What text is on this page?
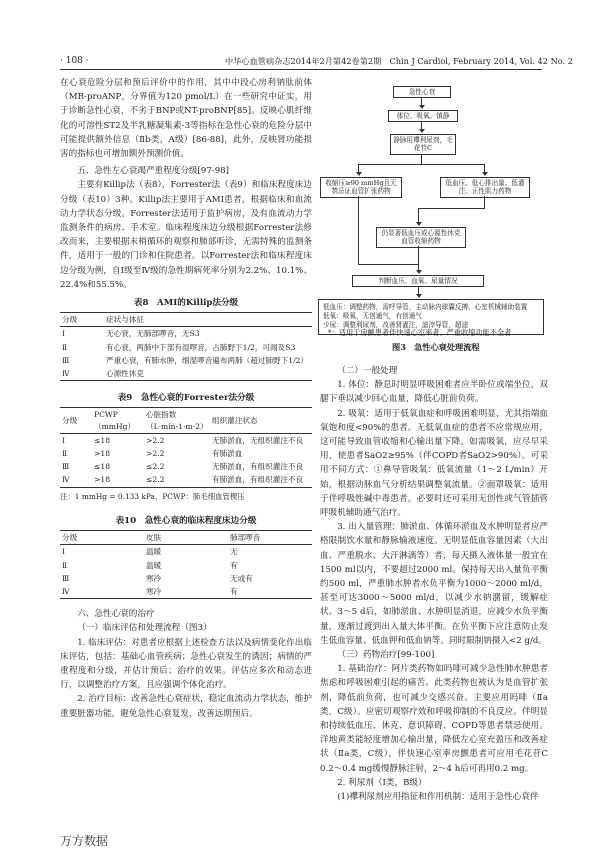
· 108 ·	中华心血管病杂志2014年2月第42卷第2期　Chin J Cardiol, February 2014, Vol. 42 No. 2

在心衰危险分层和预后评价中的作用，其中中段心房利钠肽前体（MR-proANP，分界值为120 pmol/L）在一些研究中证实，用于诊断急性心衰，不劣于BNP或NT-proBNP[85]。反映心肌纤维化的可溶性ST2及半乳糖凝集素-3等指标在急性心衰的危险分层中可能提供额外信息（Ⅱb类，A级）[86-88]，此外，反映肾功能损害的指标也可增加额外预测价值。

五、急性左心衰竭严重程度分级[97-98]

主要有Killip法（表8），Forrester法（表9）和临床程度床边分级（表10）3种。Killip法主要用于AMI患者，根据临床和血流动力学状态分级。Forrester法适用于监护病房，及有血流动力学监测条件的病房、手术室。临床程度床边分级根据Forrester法修改而来，主要根据末梢循环的观察和肺部听诊，无需特殊的监测条件，适用于一般的门诊和住院患者。以Forrester法和临床程度床边分级为例，自Ⅰ级至Ⅳ级的急性期病死率分别为2.2%、10.1%、22.4%和55.5%。

表8　AMI的Killip法分级
分级	症状与体征
Ⅰ	无心衰，无肺部啰音，无S3
Ⅱ	有心衰，两肺中下部有湿啰音，占肺野下1/2，可闻及S3
Ⅲ	严重心衰，有肺水肿，细湿啰音遍布两肺（超过肺野下1/2）
Ⅳ	心源性休克
表9　急性心衰的Forrester法分级
分级	PCWP（mmHg）	心脏指数（L·min-1·m-2）	组织灌注状态
Ⅰ	≤18	>2.2	无肺淤血，无组织灌注不良
Ⅱ	>18	>2.2	有肺淤血
Ⅲ	≤18	≤2.2	无肺淤血，有组织灌注不良
Ⅳ	>18	≤2.2	有肺淤血，有组织灌注不良
注：1 mmHg = 0.133 kPa，PCWP：肺毛细血管楔压
表10　急性心衰的临床程度床边分级
分级	皮肤	肺部啰音
Ⅰ	温暖	无
Ⅱ	温暖	有
Ⅲ	寒冷	无或有
Ⅳ	寒冷	有

六、急性心衰的治疗

（一）临床评估和处理流程（图3）

1. 临床评估：对患者应根据上述检查方法以及病情变化作出临床评估，包括：基础心血管疾病；急性心衰发生的诱因；病情的严重程度和分级，并估计预后；治疗的效果。评估应多次和动态进行，以调整治疗方案，且应强调个体化治疗。

2. 治疗目标：改善急性心衰症状，稳定血流动力学状态，维护重要脏器功能，避免急性心衰复发，改善远期预后。

急性心衰
体位、吸氧、镇静
静脉用襻利尿剂，毛花苷C
收缩压≥90 mmHg且无禁忌证血管扩张药物
低血压、低心排出量、低灌注、正性肌力药物
仍显著低血压或心源性休克血管收缩药物
判断血压、血氧、尿量情况
低血压：调整药物，需呼导管，主动脉内球囊反搏，心室机械辅助装置
低氧：吸氧，无创通气，有创通气
少尿：调整利尿剂，改善肾灌注，滤滓导管，超滤
*：适用于房颤患者伴快速心室率者、严重收缩功能不全者
图3　急性心衰处理流程

（二）一般处理

1. 体位：静息时明显呼吸困难者应半卧位或端坐位，双腿下垂以减少回心血量，降低心脏前负荷。

2. 吸氧：适用于低氧血症和呼吸困难明显，尤其指端血氧饱和度<90%的患者。无低氧血症的患者不应常规应用，这可能导致血管收缩和心输出量下降。如需吸氧，应尽早采用，使患者SaO2≥95%（伴COPD者SaO2>90%）。可采用不同方式：①鼻导管吸氧：低氧流量（1～2 L/min）开始，根据动脉血气分析结果调整氧流量。②面罩吸氧：适用于伴呼吸性碱中毒患者。必要时还可采用无创性或气管插管呼吸机辅助通气治疗。

3. 出入量管理：肺淤血、体循环淤血及水肿明显者应严格限制饮水量和静脉输液速度。无明显低血容量因素（大出血、严重脱水、大汗淋漓等）者，每天摄入液体量一般宜在1500 ml以内，不要超过2000 ml。保持每天出入量负平衡约500 ml，严重肺水肿者水负平衡为1000～2000 ml/d，甚至可达3000～5000 ml/d，以减少水钠潴留，缓解症状。3～5 d后，如肺淤血、水肿明显消退，应减少水负平衡量，逐渐过渡到出入量大体平衡。在负平衡下应注意防止发生低血容量、低血钾和低血钠等。同时限制钠摄入<2 g/d。

（三）药物治疗[99-100]

1. 基础治疗：阿片类药物如吗啡可减少急性肺水肿患者焦虑和呼吸困难引起的痛苦。此类药物也被认为是血管扩张剂，降低前负荷，也可减少交感兴奋。主要应用吗啡（Ⅱa类，C级）。应密切观察疗效和呼吸抑制的不良反应。伴明显和持续低血压、休克、意识障碍、COPD等患者禁忌使用。洋地黄类能轻度增加心输出量，降低左心室充盈压和改善症状（Ⅱa类，C级），伴快速心室率房颤患者可应用毛花苷C 0.2～0.4 mg缓慢静脉注射，2～4 h后可再用0.2 mg。

2. 利尿剂（Ⅰ类，B级）

(1)襻利尿剂应用指征和作用机制：适用于急性心衰伴

万方数据
